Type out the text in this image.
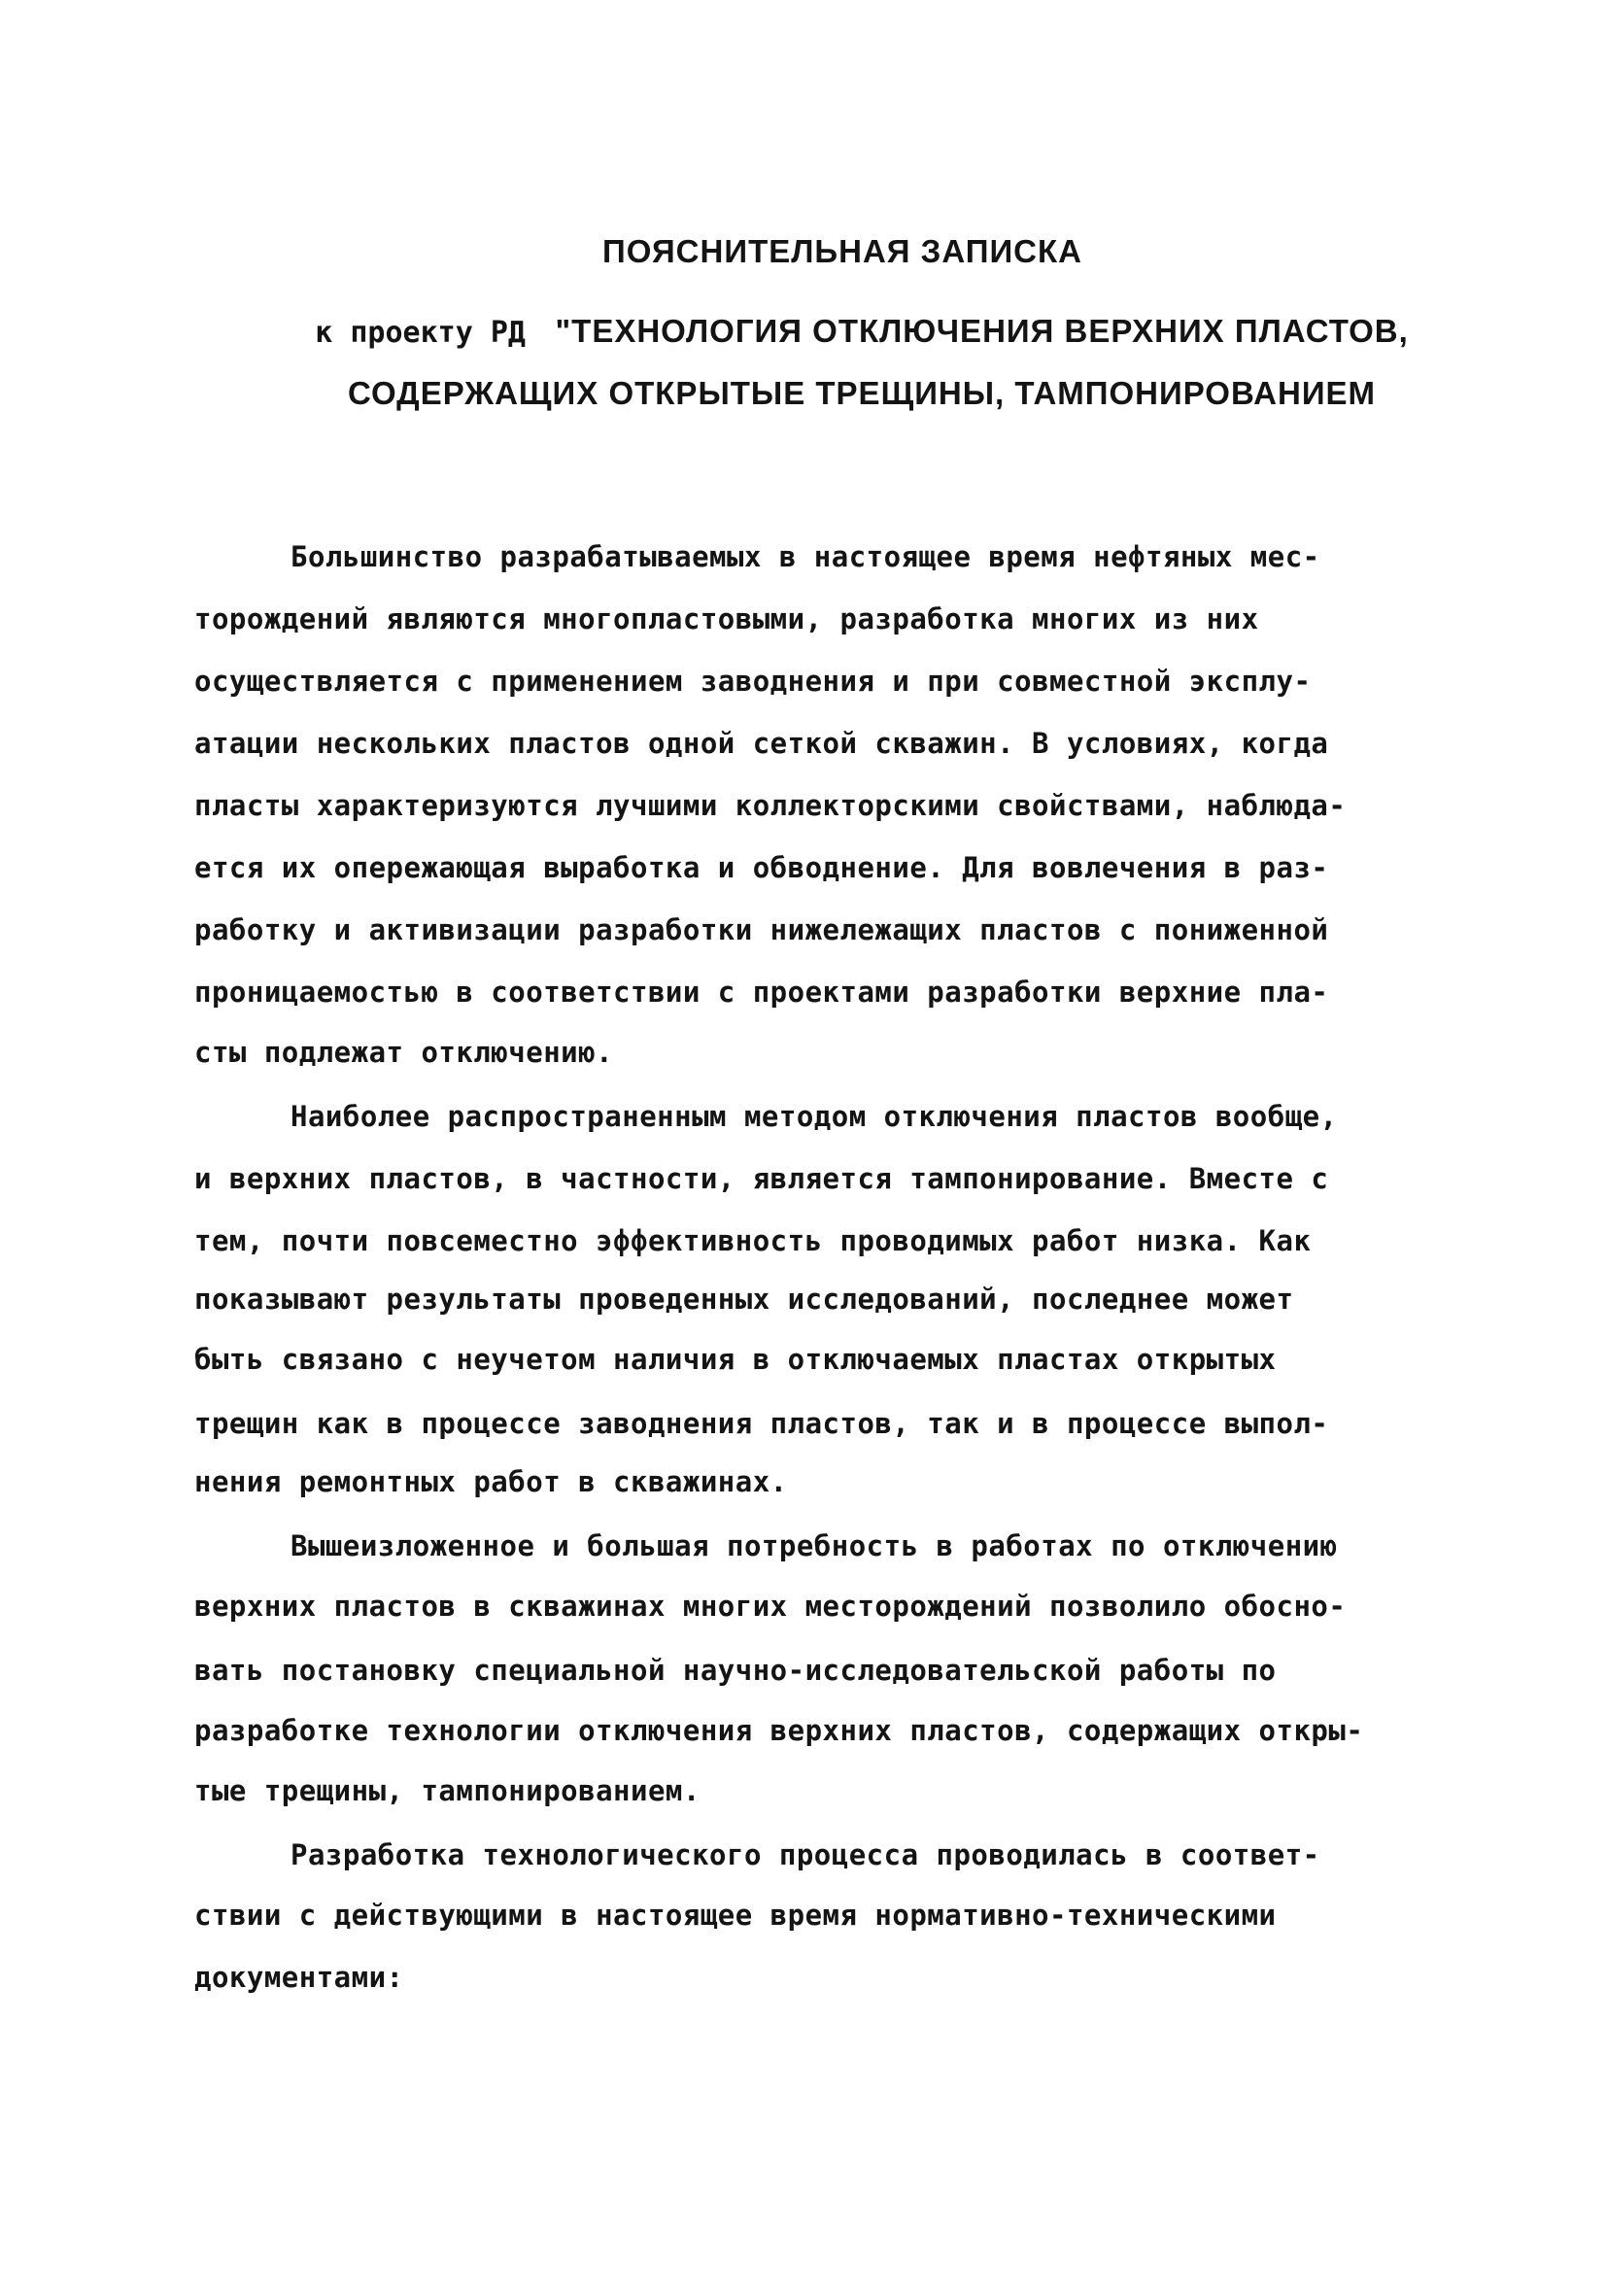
ПОЯСНИТЕЛЬНАЯ ЗАПИСКА
к проекту РД "ТЕХНОЛОГИЯ ОТКЛЮЧЕНИЯ ВЕРХНИХ ПЛАСТОВ,
СОДЕРЖАЩИХ ОТКРЫТЫЕ ТРЕЩИНЫ, ТАМПОНИРОВАНИЕМ
Большинство разрабатываемых в настоящее время нефтяных мес-
торождений являются многопластовыми, разработка многих из них
осуществляется с применением заводнения и при совместной эксплу-
атации нескольких пластов одной сеткой скважин. В условиях, когда
пласты характеризуются лучшими коллекторскими свойствами, наблюда-
ется их опережающая выработка и обводнение. Для вовлечения в раз-
работку и активизации разработки нижележащих пластов с пониженной
проницаемостью в соответствии с проектами разработки верхние пла-
сты подлежат отключению.
Наиболее распространенным методом отключения пластов вообще,
и верхних пластов, в частности, является тампонирование. Вместе с
тем, почти повсеместно эффективность проводимых работ низка. Как
показывают результаты проведенных исследований, последнее может
быть связано с неучетом наличия в отключаемых пластах открытых
трещин как в процессе заводнения пластов, так и в процессе выпол-
нения ремонтных работ в скважинах.
Вышеизложенное и большая потребность в работах по отключению
верхних пластов в скважинах многих месторождений позволило обосно-
вать постановку специальной научно-исследовательской работы по
разработке технологии отключения верхних пластов, содержащих откры-
тые трещины, тампонированием.
Разработка технологического процесса проводилась в соответ-
ствии с действующими в настоящее время нормативно-техническими
документами:
